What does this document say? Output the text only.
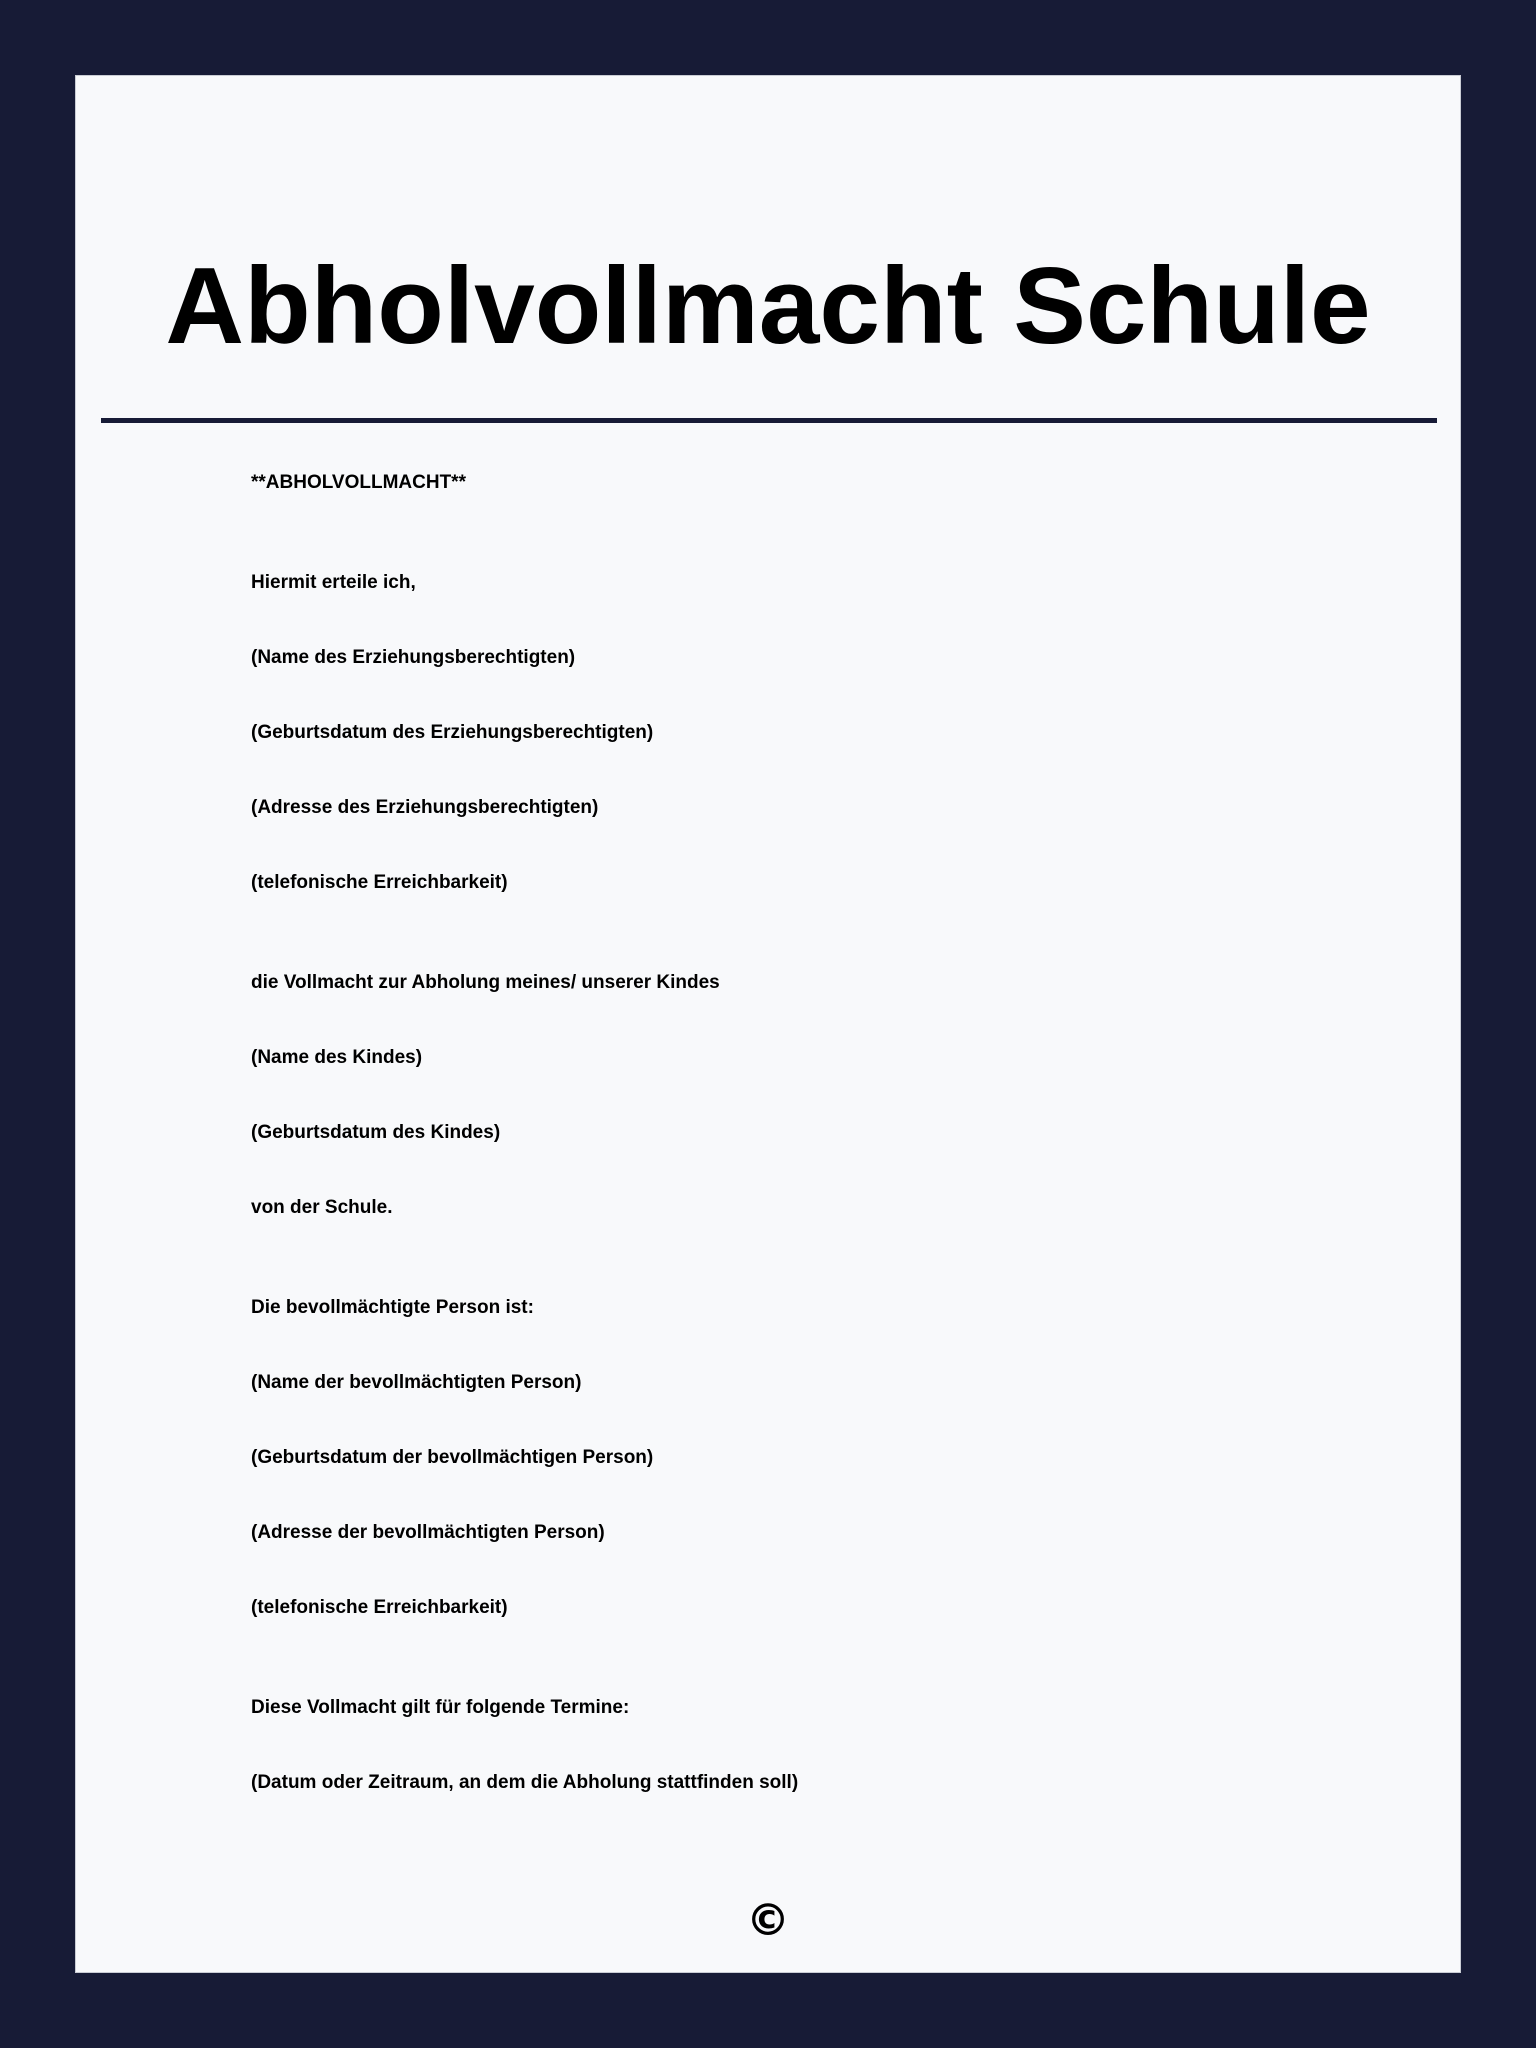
Abholvollmacht Schule
**ABHOLVOLLMACHT**
Hiermit erteile ich,
(Name des Erziehungsberechtigten)
(Geburtsdatum des Erziehungsberechtigten)
(Adresse des Erziehungsberechtigten)
(telefonische Erreichbarkeit)
die Vollmacht zur Abholung meines/ unserer Kindes
(Name des Kindes)
(Geburtsdatum des Kindes)
von der Schule.
Die bevollmächtigte Person ist:
(Name der bevollmächtigten Person)
(Geburtsdatum der bevollmächtigen Person)
(Adresse der bevollmächtigten Person)
(telefonische Erreichbarkeit)
Diese Vollmacht gilt für folgende Termine:
(Datum oder Zeitraum, an dem die Abholung stattfinden soll)
©
